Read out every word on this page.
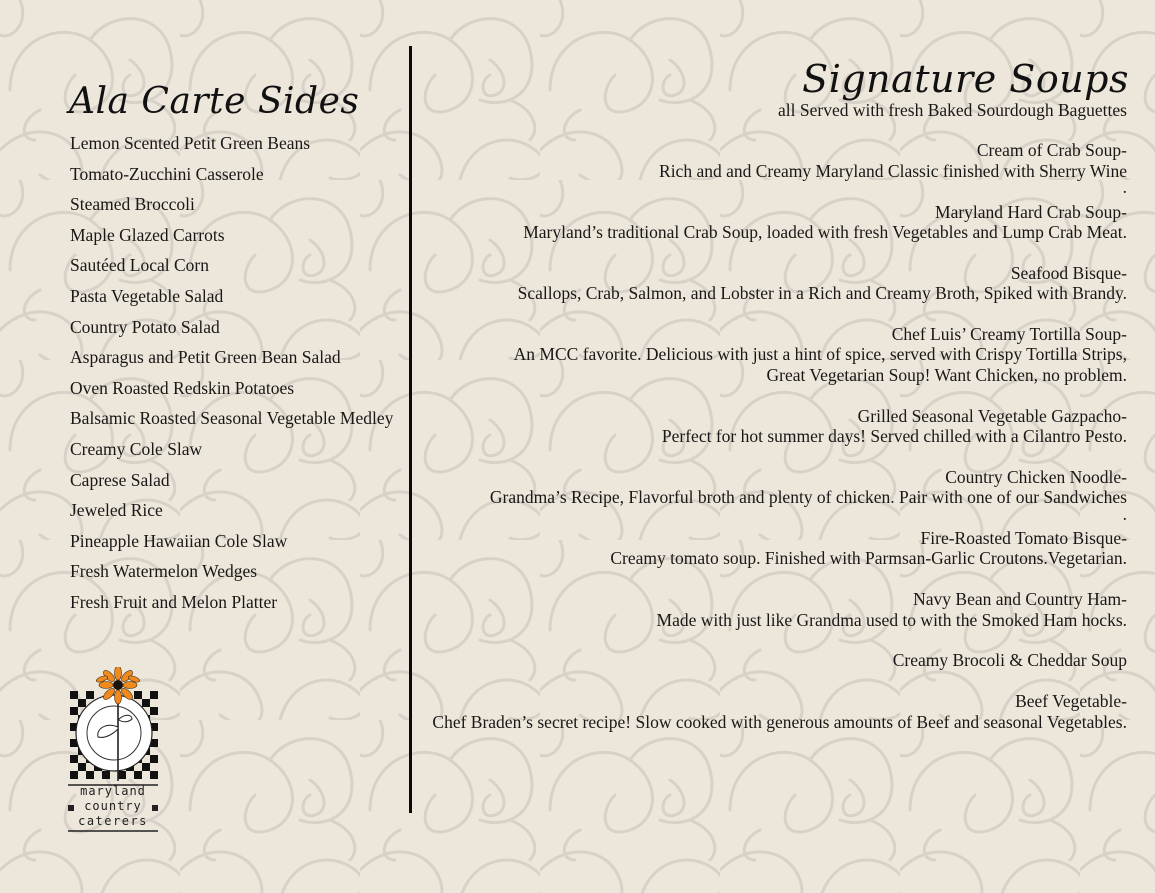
Ala Carte Sides
Lemon Scented Petit Green Beans
Tomato-Zucchini Casserole
Steamed Broccoli
Maple Glazed Carrots
Sautéed Local Corn
Pasta Vegetable Salad
Country Potato Salad
Asparagus and Petit Green Bean Salad
Oven Roasted Redskin Potatoes
Balsamic Roasted Seasonal Vegetable Medley
Creamy Cole Slaw
Caprese Salad
Jeweled Rice
Pineapple Hawaiian Cole Slaw
Fresh Watermelon Wedges
Fresh Fruit and Melon Platter
maryland
country
caterers
Signature Soups
all Served with fresh Baked Sourdough Baguettes
Cream of Crab Soup-
Rich and and Creamy Maryland Classic finished with Sherry Wine
.
Maryland Hard Crab Soup-
Maryland’s traditional Crab Soup, loaded with fresh Vegetables and Lump Crab Meat.
Seafood Bisque-
Scallops, Crab, Salmon, and Lobster in a Rich and Creamy Broth, Spiked with Brandy.
Chef Luis’ Creamy Tortilla Soup-
An MCC favorite. Delicious with just a hint of spice, served with Crispy Tortilla Strips,
Great Vegetarian Soup! Want Chicken, no problem.
Grilled Seasonal Vegetable Gazpacho-
Perfect for hot summer days! Served chilled with a Cilantro Pesto.
Country Chicken Noodle-
Grandma’s Recipe, Flavorful broth and plenty of chicken. Pair with one of our Sandwiches
.
Fire-Roasted Tomato Bisque-
Creamy tomato soup. Finished with Parmsan-Garlic Croutons.Vegetarian.
Navy Bean and Country Ham-
Made with just like Grandma used to with the Smoked Ham hocks.
Creamy Brocoli & Cheddar Soup
Beef Vegetable-
Chef Braden’s secret recipe! Slow cooked with generous amounts of Beef and seasonal Vegetables.
